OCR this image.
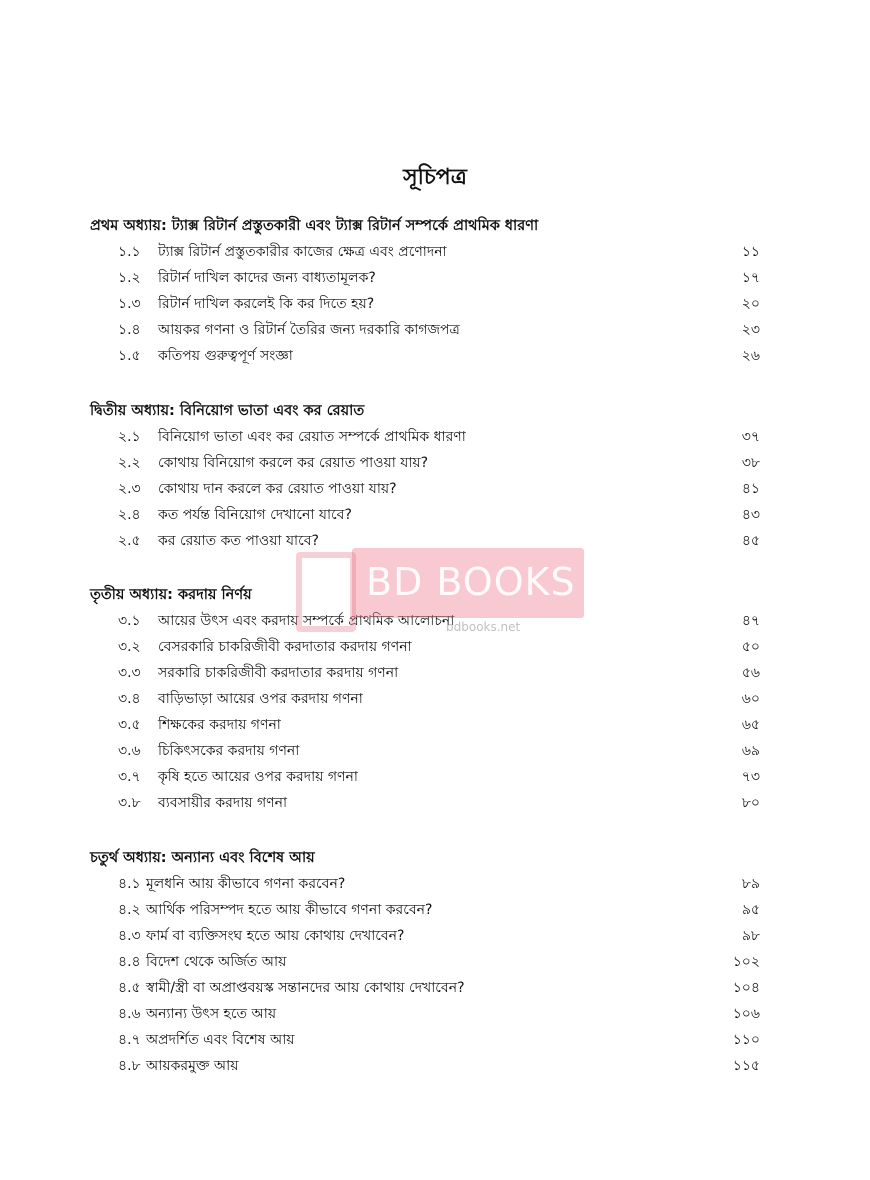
সূচিপত্র
প্রথম অধ্যায়: ট্যাক্স রিটার্ন প্রস্তুতকারী এবং ট্যাক্স রিটার্ন সম্পর্কে প্রাথমিক ধারণা
১.১ ট্যাক্স রিটার্ন প্রস্তুতকারীর কাজের ক্ষেত্র এবং প্রণোদনা	১১
১.২ রিটার্ন দাখিল কাদের জন্য বাধ্যতামূলক?	১৭
১.৩ রিটার্ন দাখিল করলেই কি কর দিতে হয়?	২০
১.৪ আয়কর গণনা ও রিটার্ন তৈরির জন্য দরকারি কাগজপত্র	২৩
১.৫ কতিপয় গুরুত্বপূর্ণ সংজ্ঞা	২৬
দ্বিতীয় অধ্যায়: বিনিয়োগ ভাতা এবং কর রেয়াত
২.১ বিনিয়োগ ভাতা এবং কর রেয়াত সম্পর্কে প্রাথমিক ধারণা	৩৭
২.২ কোথায় বিনিয়োগ করলে কর রেয়াত পাওয়া যায়?	৩৮
২.৩ কোথায় দান করলে কর রেয়াত পাওয়া যায়?	৪১
২.৪ কত পর্যন্ত বিনিয়োগ দেখানো যাবে?	৪৩
২.৫ কর রেয়াত কত পাওয়া যাবে?	৪৫
তৃতীয় অধ্যায়: করদায় নির্ণয়
৩.১ আয়ের উৎস এবং করদায় সম্পর্কে প্রাথমিক আলোচনা	৪৭
৩.২ বেসরকারি চাকরিজীবী করদাতার করদায় গণনা	৫০
৩.৩ সরকারি চাকরিজীবী করদাতার করদায় গণনা	৫৬
৩.৪ বাড়িভাড়া আয়ের ওপর করদায় গণনা	৬০
৩.৫ শিক্ষকের করদায় গণনা	৬৫
৩.৬ চিকিৎসকের করদায় গণনা	৬৯
৩.৭ কৃষি হতে আয়ের ওপর করদায় গণনা	৭৩
৩.৮ ব্যবসায়ীর করদায় গণনা	৮০
চতুর্থ অধ্যায়: অন্যান্য এবং বিশেষ আয়
৪.১ মূলধনি আয় কীভাবে গণনা করবেন?	৮৯
৪.২ আর্থিক পরিসম্পদ হতে আয় কীভাবে গণনা করবেন?	৯৫
৪.৩ ফার্ম বা ব্যক্তিসংঘ হতে আয় কোথায় দেখাবেন?	৯৮
৪.৪ বিদেশ থেকে অর্জিত আয়	১০২
৪.৫ স্বামী/স্ত্রী বা অপ্রাপ্তবয়স্ক সন্তানদের আয় কোথায় দেখাবেন?	১০৪
৪.৬ অন্যান্য উৎস হতে আয়	১০৬
৪.৭ অপ্রদর্শিত এবং বিশেষ আয়	১১০
৪.৮ আয়করমুক্ত আয়	১১৫
BD BOOKS
bdbooks.net
